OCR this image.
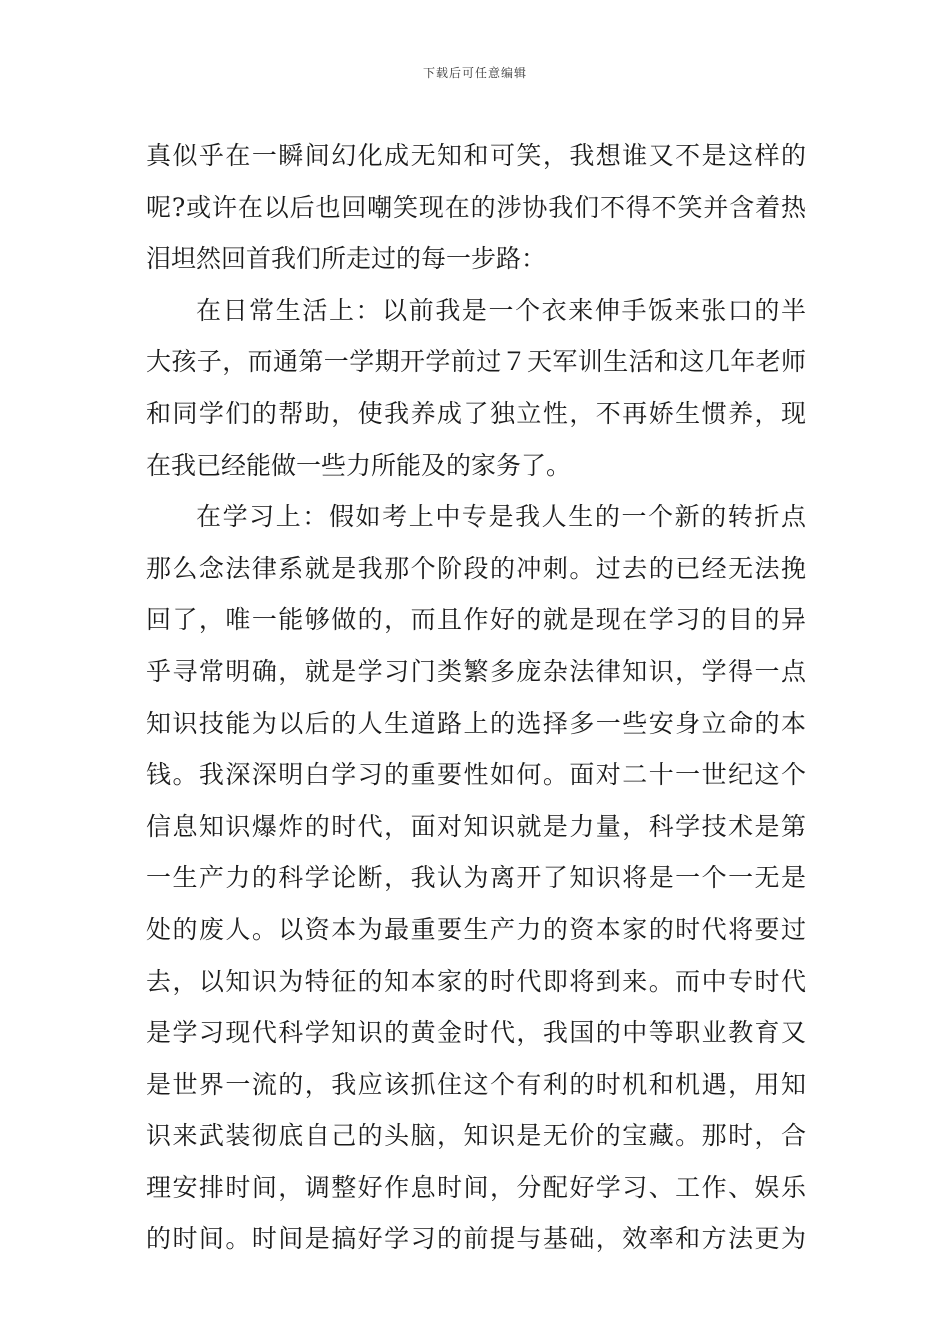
下载后可任意编辑
真似乎在一瞬间幻化成无知和可笑，我想谁又不是这样的
呢?或许在以后也回嘲笑现在的涉协我们不得不笑并含着热
泪坦然回首我们所走过的每一步路：
在日常生活上：以前我是一个衣来伸手饭来张口的半
大孩子，而通第一学期开学前过７天军训生活和这几年老师
和同学们的帮助，使我养成了独立性，不再娇生惯养，现
在我已经能做一些力所能及的家务了。
在学习上：假如考上中专是我人生的一个新的转折点
那么念法律系就是我那个阶段的冲刺。过去的已经无法挽
回了，唯一能够做的，而且作好的就是现在学习的目的异
乎寻常明确，就是学习门类繁多庞杂法律知识，学得一点
知识技能为以后的人生道路上的选择多一些安身立命的本
钱。我深深明白学习的重要性如何。面对二十一世纪这个
信息知识爆炸的时代，面对知识就是力量，科学技术是第
一生产力的科学论断，我认为离开了知识将是一个一无是
处的废人。以资本为最重要生产力的资本家的时代将要过
去，以知识为特征的知本家的时代即将到来。而中专时代
是学习现代科学知识的黄金时代，我国的中等职业教育又
是世界一流的，我应该抓住这个有利的时机和机遇，用知
识来武装彻底自己的头脑，知识是无价的宝藏。那时，合
理安排时间，调整好作息时间，分配好学习、工作、娱乐
的时间。时间是搞好学习的前提与基础，效率和方法更为
